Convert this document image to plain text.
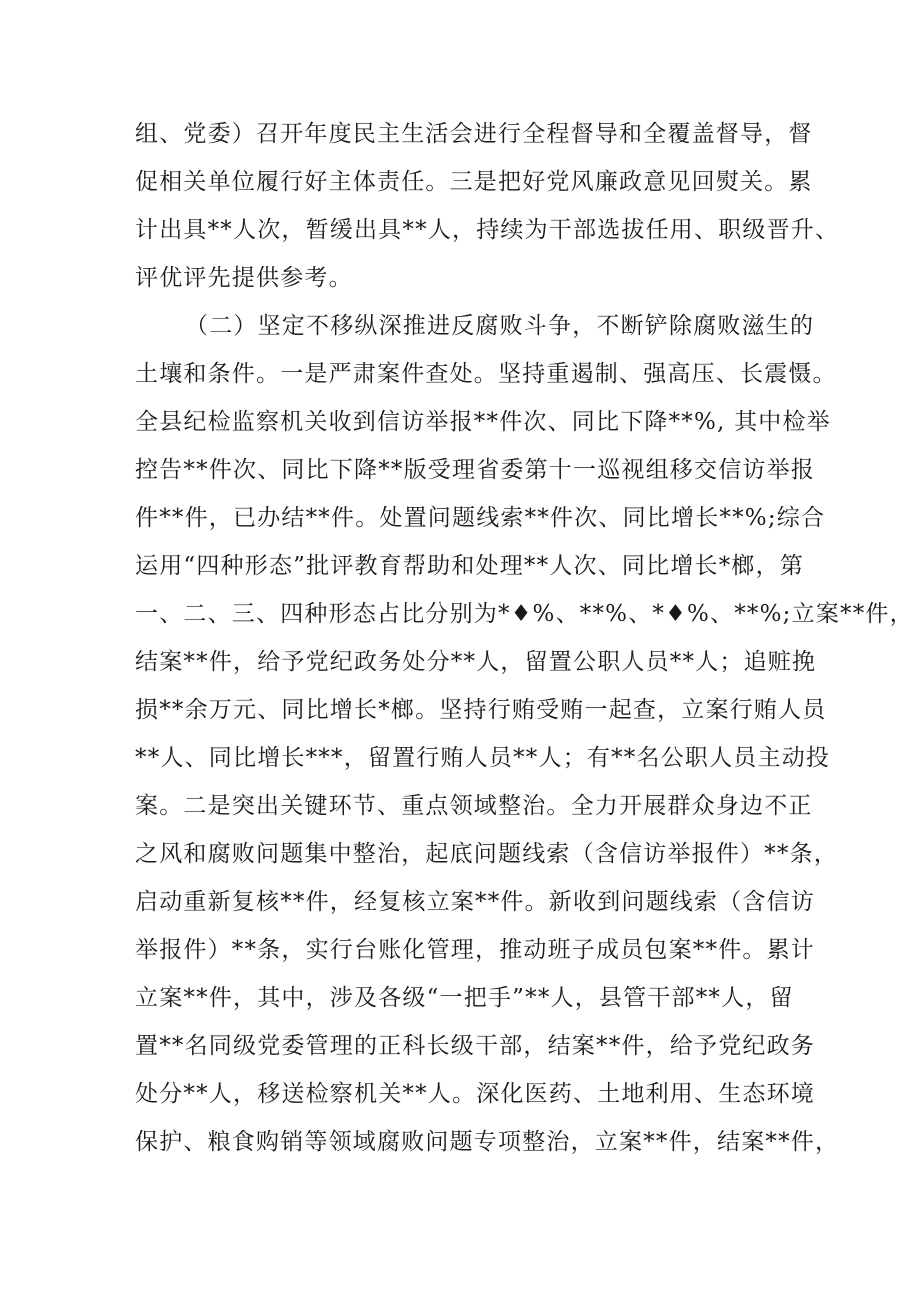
组、党委）召开年度民主生活会进行全程督导和全覆盖督导，督
促相关单位履行好主体责任。三是把好党风廉政意见回熨关。累
计出具**人次，暂缓出具**人，持续为干部选拔任用、职级晋升、
评优评先提供参考。
（二）坚定不移纵深推进反腐败斗争，不断铲除腐败滋生的
土壤和条件。一是严肃案件查处。坚持重遏制、强高压、长震慑。
全县纪检监察机关收到信访举报**件次、同比下降**%, 其中检举
控告**件次、同比下降**版受理省委第十一巡视组移交信访举报
件**件，已办结**件。处置问题线索**件次、同比增长**%;综合
运用“四种形态”批评教育帮助和处理**人次、同比增长*榔，第
一、二、三、四种形态占比分别为*♦%、**%、*♦%、**%;立案**件，
结案**件，给予党纪政务处分**人，留置公职人员**人；追赃挽
损**余万元、同比增长*榔。坚持行贿受贿一起查，立案行贿人员
**人、同比增长***，留置行贿人员**人；有**名公职人员主动投
案。二是突出关键环节、重点领域整治。全力开展群众身边不正
之风和腐败问题集中整治，起底问题线索（含信访举报件）**条，
启动重新复核**件，经复核立案**件。新收到问题线索（含信访
举报件）**条，实行台账化管理，推动班子成员包案**件。累计
立案**件，其中，涉及各级“一把手”**人，县管干部**人，留
置**名同级党委管理的正科长级干部，结案**件，给予党纪政务
处分**人，移送检察机关**人。深化医药、土地利用、生态环境
保护、粮食购销等领域腐败问题专项整治，立案**件，结案**件，
